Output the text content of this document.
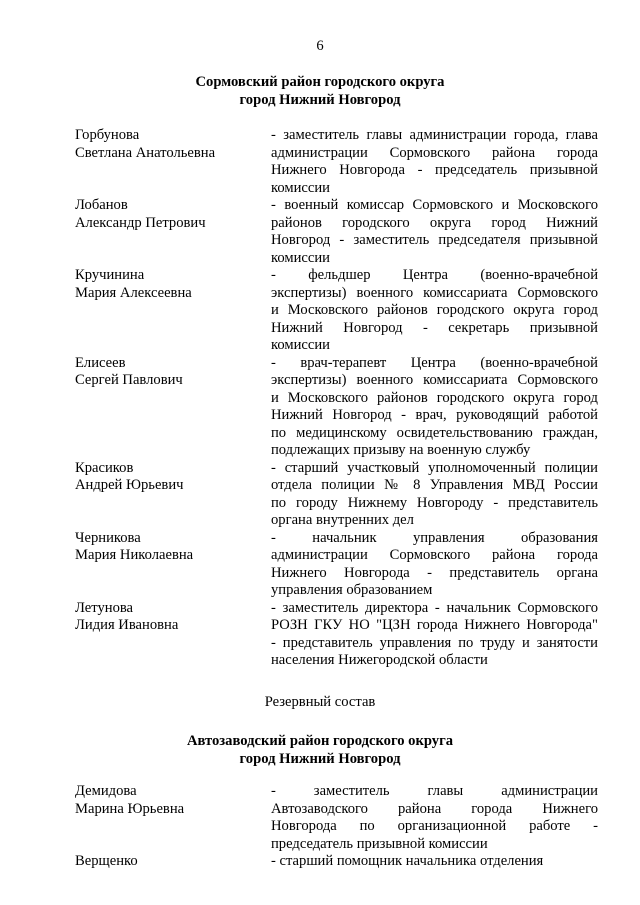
6
Сормовский район городского округа
город Нижний Новгород
Горбунова
Светлана Анатольевна
- заместитель главы администрации города, глава
администрации Сормовского района города
Нижнего Новгорода - председатель призывной
комиссии
Лобанов
Александр Петрович
- военный комиссар Сормовского и Московского
районов городского округа город Нижний
Новгород - заместитель председателя призывной
комиссии
Кручинина
Мария Алексеевна
- фельдшер Центра (военно-врачебной
экспертизы) военного комиссариата Сормовского
и Московского районов городского округа город
Нижний Новгород - секретарь призывной
комиссии
Елисеев
Сергей Павлович
- врач-терапевт Центра (военно-врачебной
экспертизы) военного комиссариата Сормовского
и Московского районов городского округа город
Нижний Новгород - врач, руководящий работой
по медицинскому освидетельствованию граждан,
подлежащих призыву на военную службу
Красиков
Андрей Юрьевич
- старший участковый уполномоченный полиции
отдела полиции № 8 Управления МВД России
по городу Нижнему Новгороду - представитель
органа внутренних дел
Черникова
Мария Николаевна
- начальник управления образования
администрации Сормовского района города
Нижнего Новгорода - представитель органа
управления образованием
Летунова
Лидия Ивановна
- заместитель директора - начальник Сормовского
РОЗН ГКУ НО "ЦЗН города Нижнего Новгорода"
- представитель управления по труду и занятости
населения Нижегородской области
Резервный состав
Автозаводский район городского округа
город Нижний Новгород
Демидова
Марина Юрьевна
- заместитель главы администрации
Автозаводского района города Нижнего
Новгорода по организационной работе -
председатель призывной комиссии
Верщенко	- старший помощник начальника отделения
